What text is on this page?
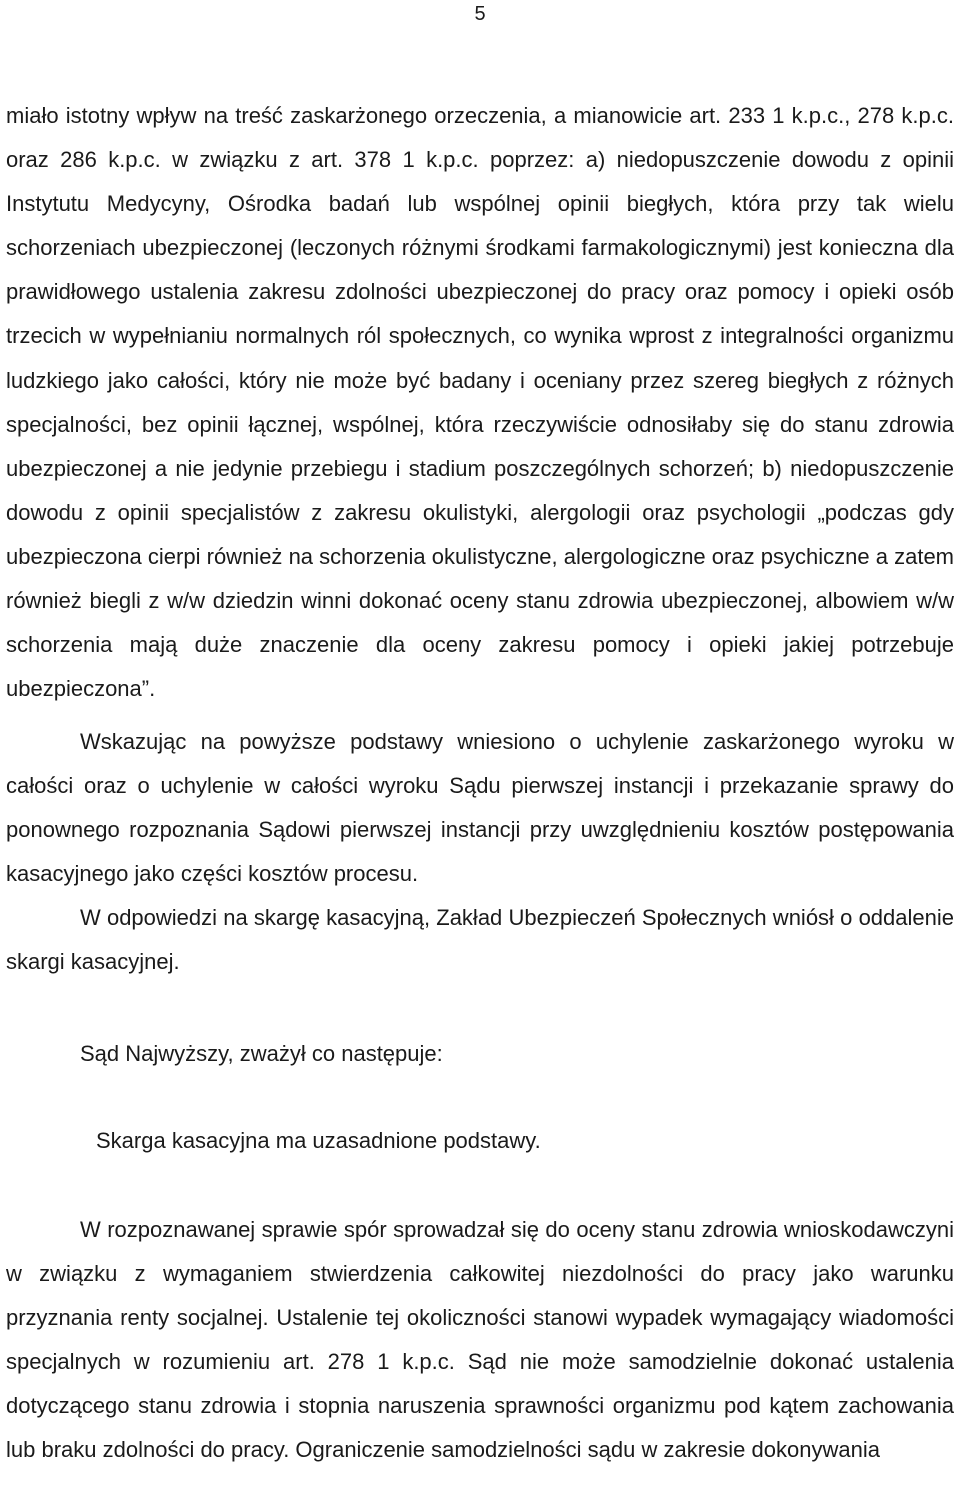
5

miało istotny wpływ na treść zaskarżonego orzeczenia, a mianowicie art. 233 1 k.p.c., 278 k.p.c. oraz 286 k.p.c. w związku z art. 378 1 k.p.c. poprzez: a) niedopuszczenie dowodu z opinii Instytutu Medycyny, Ośrodka badań lub wspólnej opinii biegłych, która przy tak wielu schorzeniach ubezpieczonej (leczonych różnymi środkami farmakologicznymi) jest konieczna dla prawidłowego ustalenia zakresu zdolności ubezpieczonej do pracy oraz pomocy i opieki osób trzecich w wypełnianiu normalnych ról społecznych, co wynika wprost z integralności organizmu ludzkiego jako całości, który nie może być badany i oceniany przez szereg biegłych z różnych specjalności, bez opinii łącznej, wspólnej, która rzeczywiście odnosiłaby się do stanu zdrowia ubezpieczonej a nie jedynie przebiegu i stadium poszczególnych schorzeń; b) niedopuszczenie dowodu z opinii specjalistów z zakresu okulistyki, alergologii oraz psychologii „podczas gdy ubezpieczona cierpi również na schorzenia okulistyczne, alergologiczne oraz psychiczne a zatem również biegli z w/w dziedzin winni dokonać oceny stanu zdrowia ubezpieczonej, albowiem w/w schorzenia mają duże znaczenie dla oceny zakresu pomocy i opieki jakiej potrzebuje ubezpieczona”.

Wskazując na powyższe podstawy wniesiono o uchylenie zaskarżonego wyroku w całości oraz o uchylenie w całości wyroku Sądu pierwszej instancji i przekazanie sprawy do ponownego rozpoznania Sądowi pierwszej instancji przy uwzględnieniu kosztów postępowania kasacyjnego jako części kosztów procesu.

W odpowiedzi na skargę kasacyjną, Zakład Ubezpieczeń Społecznych wniósł o oddalenie skargi kasacyjnej.

Sąd Najwyższy, zważył co następuje:

Skarga kasacyjna ma uzasadnione podstawy.

W rozpoznawanej sprawie spór sprowadzał się do oceny stanu zdrowia wnioskodawczyni w związku z wymaganiem stwierdzenia całkowitej niezdolności do pracy jako warunku przyznania renty socjalnej. Ustalenie tej okoliczności stanowi wypadek wymagający wiadomości specjalnych w rozumieniu art. 278 1 k.p.c. Sąd nie może samodzielnie dokonać ustalenia dotyczącego stanu zdrowia i stopnia naruszenia sprawności organizmu pod kątem zachowania lub braku zdolności do pracy. Ograniczenie samodzielności sądu w zakresie dokonywania
